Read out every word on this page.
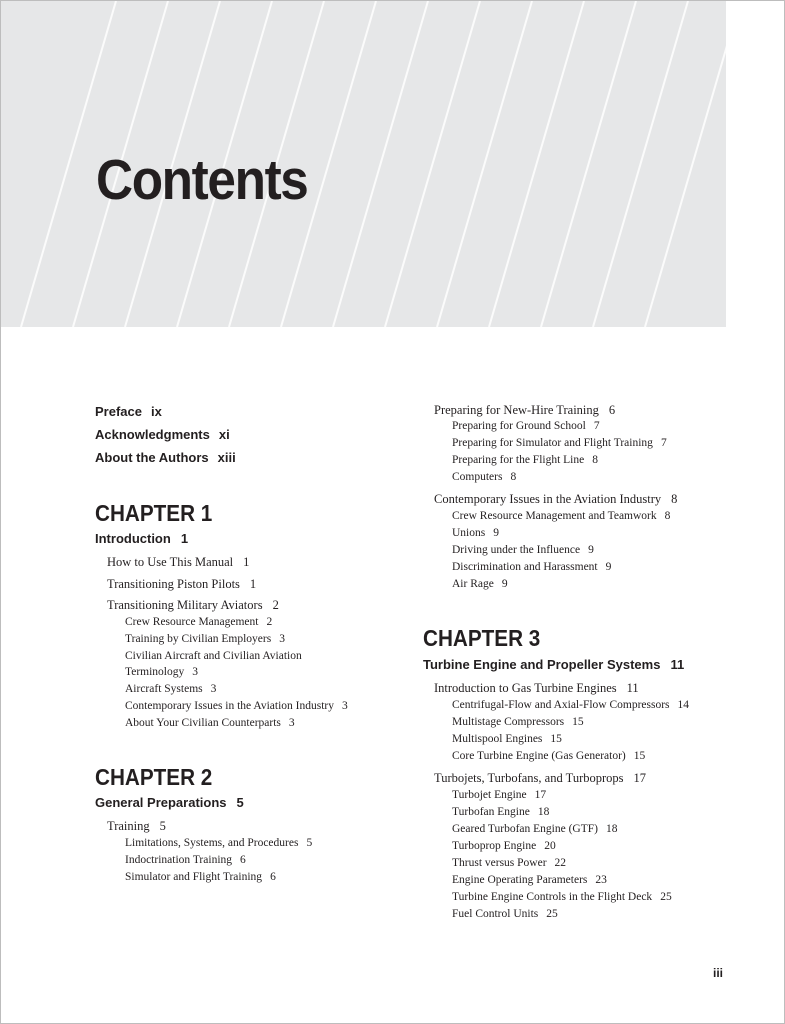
Contents
Preface ix
Acknowledgments xi
About the Authors xiii
CHAPTER 1
Introduction 1
How to Use This Manual 1
Transitioning Piston Pilots 1
Transitioning Military Aviators 2
Crew Resource Management 2
Training by Civilian Employers 3
Civilian Aircraft and Civilian Aviation
Terminology 3
Aircraft Systems 3
Contemporary Issues in the Aviation Industry 3
About Your Civilian Counterparts 3
CHAPTER 2
General Preparations 5
Training 5
Limitations, Systems, and Procedures 5
Indoctrination Training 6
Simulator and Flight Training 6
Preparing for New-Hire Training 6
Preparing for Ground School 7
Preparing for Simulator and Flight Training 7
Preparing for the Flight Line 8
Computers 8
Contemporary Issues in the Aviation Industry 8
Crew Resource Management and Teamwork 8
Unions 9
Driving under the Influence 9
Discrimination and Harassment 9
Air Rage 9
CHAPTER 3
Turbine Engine and Propeller Systems 11
Introduction to Gas Turbine Engines 11
Centrifugal-Flow and Axial-Flow Compressors 14
Multistage Compressors 15
Multispool Engines 15
Core Turbine Engine (Gas Generator) 15
Turbojets, Turbofans, and Turboprops 17
Turbojet Engine 17
Turbofan Engine 18
Geared Turbofan Engine (GTF) 18
Turboprop Engine 20
Thrust versus Power 22
Engine Operating Parameters 23
Turbine Engine Controls in the Flight Deck 25
Fuel Control Units 25
iii
